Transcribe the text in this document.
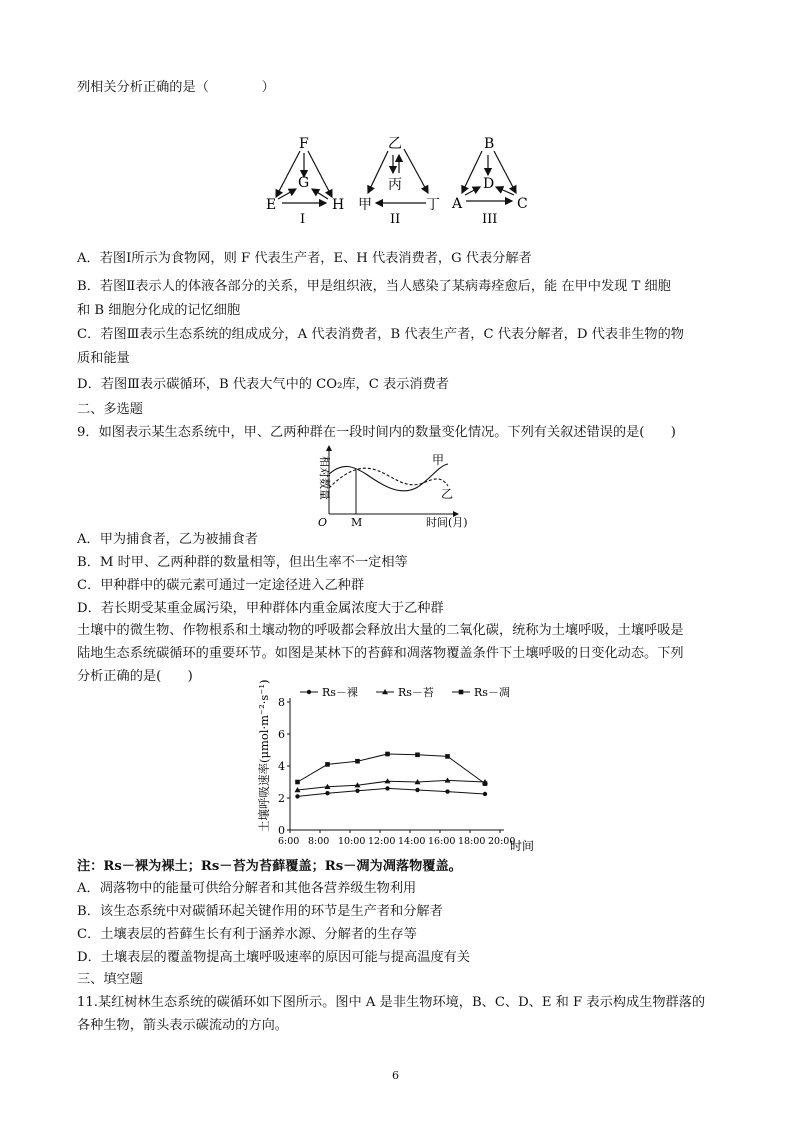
列相关分析正确的是（　　　　）
F
G
E	H
I
乙
丙
甲	丁
II
B
D
A	C
III
A．若图Ⅰ所示为食物网，则 F 代表生产者，E、H 代表消费者，G 代表分解者
B．若图Ⅱ表示人的体液各部分的关系，甲是组织液，当人感染了某病毒痊愈后，能 在甲中发现 T 细胞
和 B 细胞分化成的记忆细胞
C．若图Ⅲ表示生态系统的组成成分，A 代表消费者，B 代表生产者，C 代表分解者，D 代表非生物的物
质和能量
D．若图Ⅲ表示碳循环，B 代表大气中的 CO₂库，C 表示消费者
二、多选题
9．如图表示某生态系统中，甲、乙两种群在一段时间内的数量变化情况。下列有关叙述错误的是(　　)
相对数量
O M	时间(月)
甲
乙
A．甲为捕食者，乙为被捕食者
B．M 时甲、乙两种群的数量相等，但出生率不一定相等
C．甲种群中的碳元素可通过一定途径进入乙种群
D．若长期受某重金属污染，甲种群体内重金属浓度大于乙种群
土壤中的微生物、作物根系和土壤动物的呼吸都会释放出大量的二氧化碳，统称为土壤呼吸，土壤呼吸是
陆地生态系统碳循环的重要环节。如图是某林下的苔藓和凋落物覆盖条件下土壤呼吸的日变化动态。下列
分析正确的是(　　)
0
2
4
6
8
6:00 8:00 10:00 12:00 14:00 16:00 18:00 20:00
时间
土壤呼吸速率(μmol·m⁻²·s⁻¹)	Rs－裸	Rs－苔	Rs－凋
注：Rs－裸为裸土；Rs－苔为苔藓覆盖；Rs－凋为凋落物覆盖。
A．凋落物中的能量可供给分解者和其他各营养级生物利用
B．该生态系统中对碳循环起关键作用的环节是生产者和分解者
C．土壤表层的苔藓生长有利于涵养水源、分解者的生存等
D．土壤表层的覆盖物提高土壤呼吸速率的原因可能与提高温度有关
三、填空题
11.某红树林生态系统的碳循环如下图所示。图中 A 是非生物环境，B、C、D、E 和 F 表示构成生物群落的
各种生物，箭头表示碳流动的方向。
6
